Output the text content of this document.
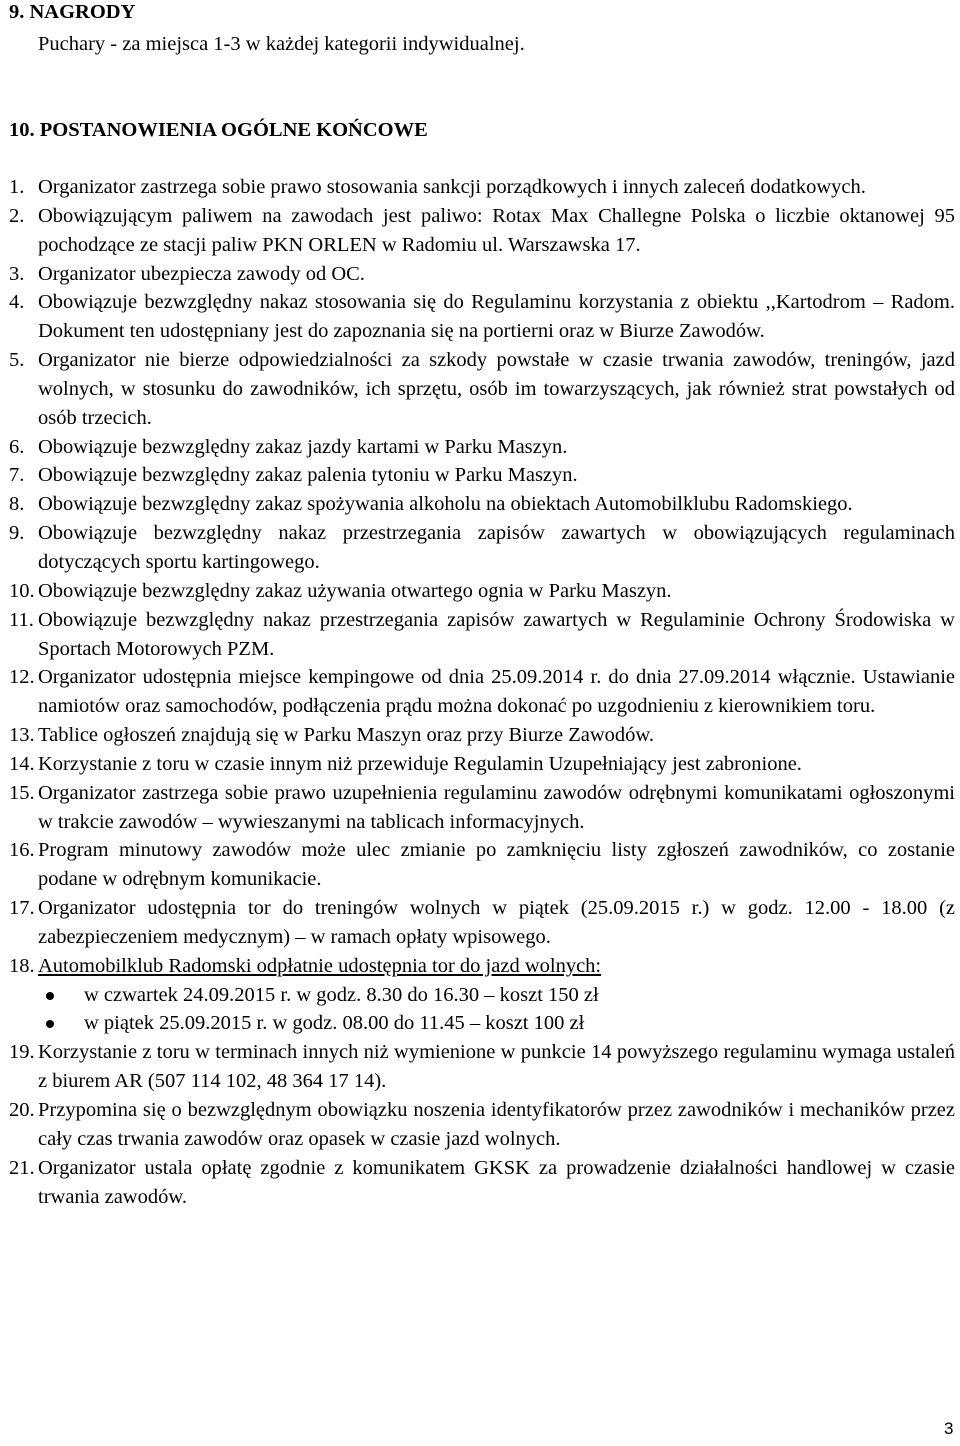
9. NAGRODY
Puchary - za miejsca 1-3 w każdej kategorii indywidualnej.
10. POSTANOWIENIA OGÓLNE KOŃCOWE
1. Organizator zastrzega sobie prawo stosowania sankcji porządkowych i innych zaleceń dodatkowych.
2. Obowiązującym paliwem na zawodach jest paliwo: Rotax Max Challegne Polska o liczbie oktanowej 95 pochodzące ze stacji paliw PKN ORLEN w Radomiu ul. Warszawska 17.
3. Organizator ubezpiecza zawody od OC.
4. Obowiązuje bezwzględny nakaz stosowania się do Regulaminu korzystania z obiektu ,,Kartodrom – Radom. Dokument ten udostępniany jest do zapoznania się na portierni oraz w Biurze Zawodów.
5. Organizator nie bierze odpowiedzialności za szkody powstałe w czasie trwania zawodów, treningów, jazd wolnych, w stosunku do zawodników, ich sprzętu, osób im towarzyszących, jak również strat powstałych od osób trzecich.
6. Obowiązuje bezwzględny zakaz jazdy kartami w Parku Maszyn.
7. Obowiązuje bezwzględny zakaz palenia tytoniu w Parku Maszyn.
8. Obowiązuje bezwzględny zakaz spożywania alkoholu na obiektach Automobilklubu Radomskiego.
9. Obowiązuje bezwzględny nakaz przestrzegania zapisów zawartych w obowiązujących regulaminach dotyczących sportu kartingowego.
10. Obowiązuje bezwzględny zakaz używania otwartego ognia w Parku Maszyn.
11. Obowiązuje bezwzględny nakaz przestrzegania zapisów zawartych w Regulaminie Ochrony Środowiska w Sportach Motorowych PZM.
12. Organizator udostępnia miejsce kempingowe od dnia 25.09.2014 r. do dnia 27.09.2014 włącznie. Ustawianie namiotów oraz samochodów, podłączenia prądu można dokonać po uzgodnieniu z kierownikiem toru.
13. Tablice ogłoszeń znajdują się w Parku Maszyn oraz przy Biurze Zawodów.
14. Korzystanie z toru w czasie innym niż przewiduje Regulamin Uzupełniający jest zabronione.
15. Organizator zastrzega sobie prawo uzupełnienia regulaminu zawodów odrębnymi komunikatami ogłoszonymi w trakcie zawodów – wywieszanymi na tablicach informacyjnych.
16. Program minutowy zawodów może ulec zmianie po zamknięciu listy zgłoszeń zawodników, co zostanie podane w odrębnym komunikacie.
17. Organizator udostępnia tor do treningów wolnych w piątek (25.09.2015 r.) w godz. 12.00 - 18.00 (z zabezpieczeniem medycznym) – w ramach opłaty wpisowego.
18. Automobilklub Radomski odpłatnie udostępnia tor do jazd wolnych:
w czwartek 24.09.2015 r. w godz. 8.30 do 16.30 – koszt 150 zł
w piątek 25.09.2015 r. w godz. 08.00 do 11.45 – koszt 100 zł
19. Korzystanie z toru w terminach innych niż wymienione w punkcie 14 powyższego regulaminu wymaga ustaleń z biurem AR (507 114 102, 48 364 17 14).
20. Przypomina się o bezwzględnym obowiązku noszenia identyfikatorów przez zawodników i mechaników przez cały czas trwania zawodów oraz opasek w czasie jazd wolnych.
21. Organizator ustala opłatę zgodnie z komunikatem GKSK za prowadzenie działalności handlowej w czasie trwania zawodów.
3
